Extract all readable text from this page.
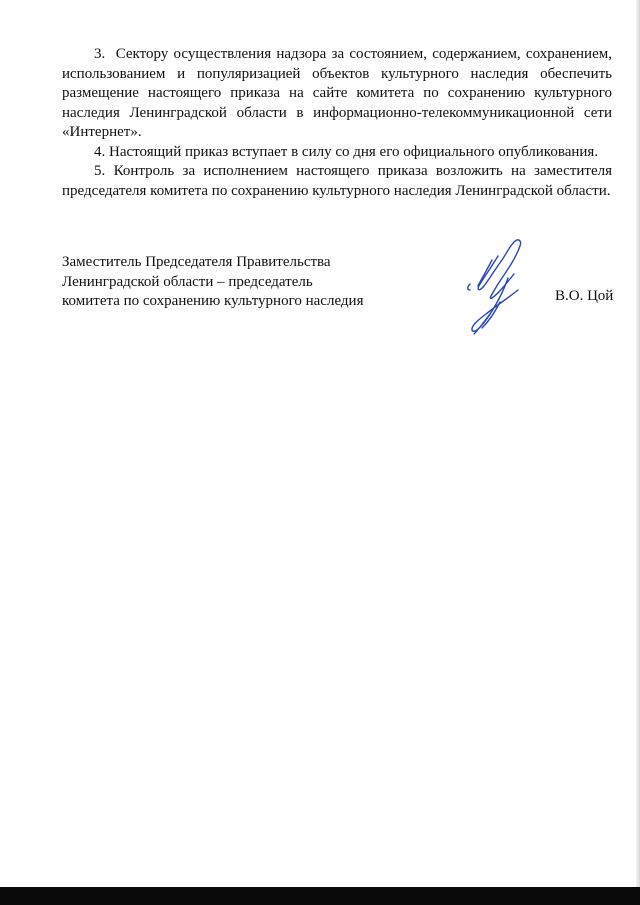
3.  Сектору осуществления надзора за состоянием, содержанием, сохранением, использованием и популяризацией объектов культурного наследия обеспечить размещение настоящего приказа на сайте комитета по сохранению культурного наследия Ленинградской области в информационно-телекоммуникационной сети «Интернет».

4. Настоящий приказ вступает в силу со дня его официального опубликования.

5. Контроль за исполнением настоящего приказа возложить на заместителя председателя комитета по сохранению культурного наследия Ленинградской области.

Заместитель Председателя Правительства
Ленинградской области – председатель
комитета по сохранению культурного наследия	В.О. Цой
